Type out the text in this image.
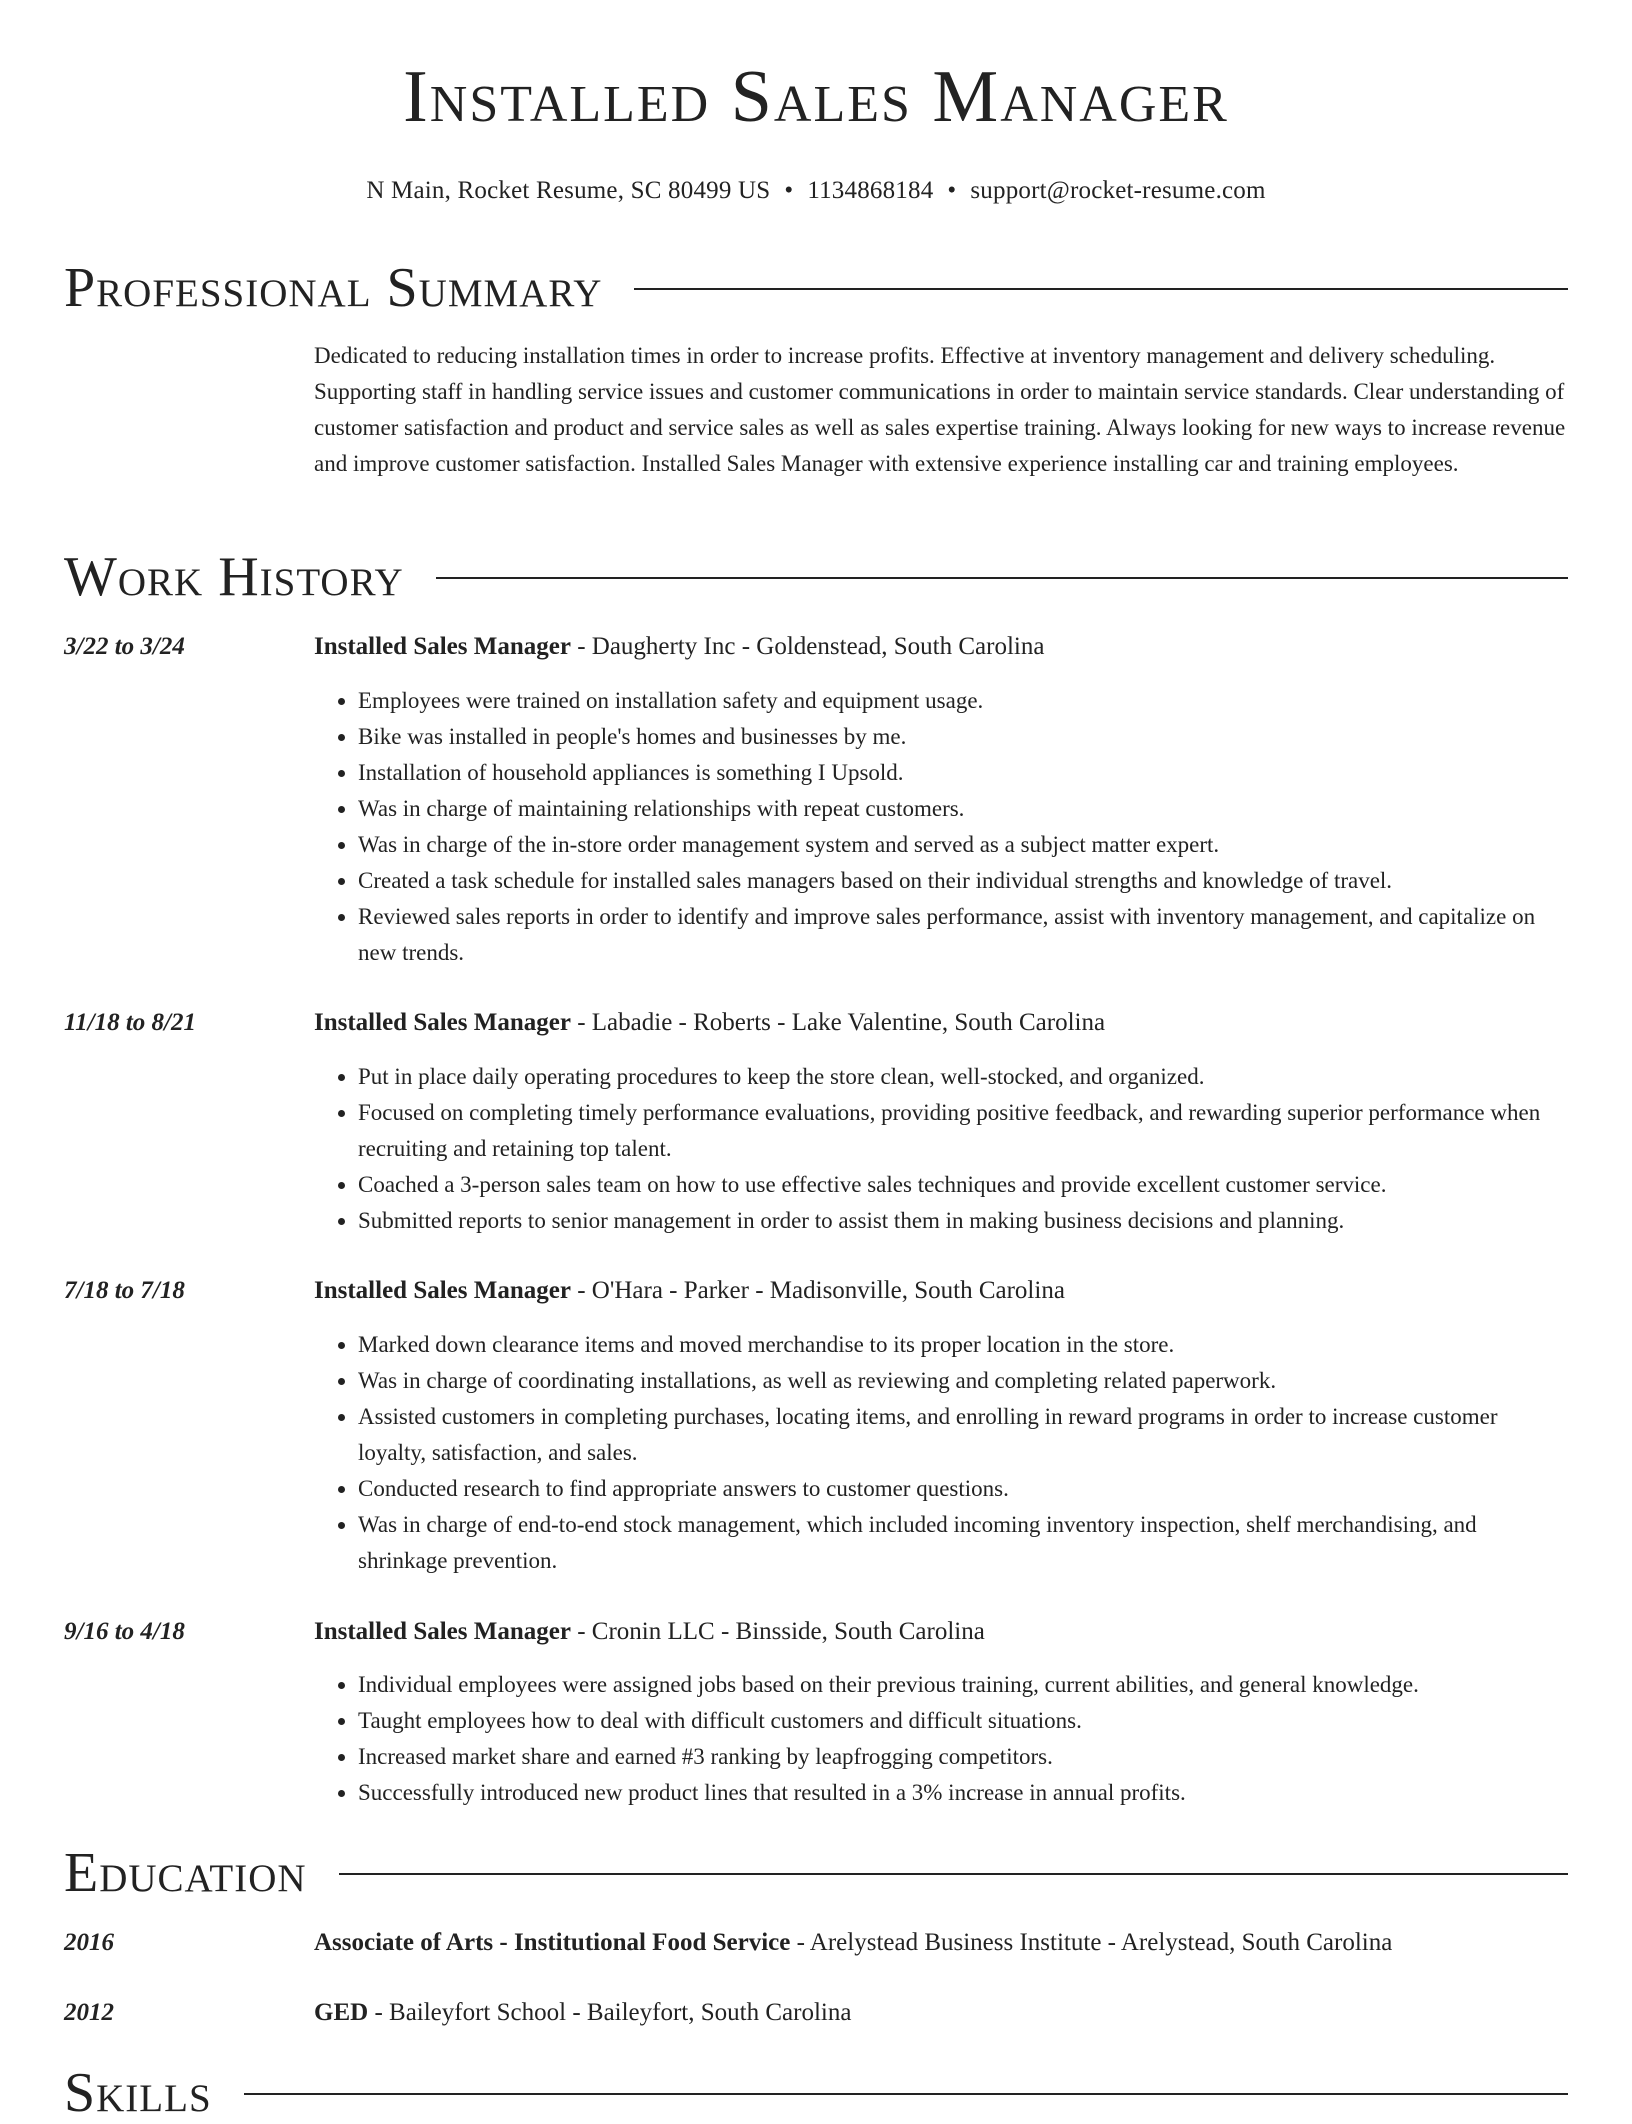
Installed Sales Manager
N Main, Rocket Resume, SC 80499 US • 1134868184 • support@rocket-resume.com
Professional Summary

Dedicated to reducing installation times in order to increase profits. Effective at inventory management and delivery scheduling. Supporting staff in handling service issues and customer communications in order to maintain service standards. Clear understanding of customer satisfaction and product and service sales as well as sales expertise training. Always looking for new ways to increase revenue and improve customer satisfaction. Installed Sales Manager with extensive experience installing car and training employees.

Work History
3/22 to 3/24	Installed Sales Manager - Daugherty Inc - Goldenstead, South Carolina
• Employees were trained on installation safety and equipment usage.
• Bike was installed in people's homes and businesses by me.
• Installation of household appliances is something I Upsold.
• Was in charge of maintaining relationships with repeat customers.
• Was in charge of the in-store order management system and served as a subject matter expert.
• Created a task schedule for installed sales managers based on their individual strengths and knowledge of travel.
• Reviewed sales reports in order to identify and improve sales performance, assist with inventory management, and capitalize on new trends.
11/18 to 8/21	Installed Sales Manager - Labadie - Roberts - Lake Valentine, South Carolina
• Put in place daily operating procedures to keep the store clean, well-stocked, and organized.
• Focused on completing timely performance evaluations, providing positive feedback, and rewarding superior performance when recruiting and retaining top talent.
• Coached a 3-person sales team on how to use effective sales techniques and provide excellent customer service.
• Submitted reports to senior management in order to assist them in making business decisions and planning.
7/18 to 7/18	Installed Sales Manager - O'Hara - Parker - Madisonville, South Carolina
• Marked down clearance items and moved merchandise to its proper location in the store.
• Was in charge of coordinating installations, as well as reviewing and completing related paperwork.
• Assisted customers in completing purchases, locating items, and enrolling in reward programs in order to increase customer loyalty, satisfaction, and sales.
• Conducted research to find appropriate answers to customer questions.
• Was in charge of end-to-end stock management, which included incoming inventory inspection, shelf merchandising, and shrinkage prevention.
9/16 to 4/18	Installed Sales Manager - Cronin LLC - Binsside, South Carolina
• Individual employees were assigned jobs based on their previous training, current abilities, and general knowledge.
• Taught employees how to deal with difficult customers and difficult situations.
• Increased market share and earned #3 ranking by leapfrogging competitors.
• Successfully introduced new product lines that resulted in a 3% increase in annual profits.
Education
2016	Associate of Arts - Institutional Food Service - Arelystead Business Institute - Arelystead, South Carolina
2012	GED - Baileyfort School - Baileyfort, South Carolina
Skills
